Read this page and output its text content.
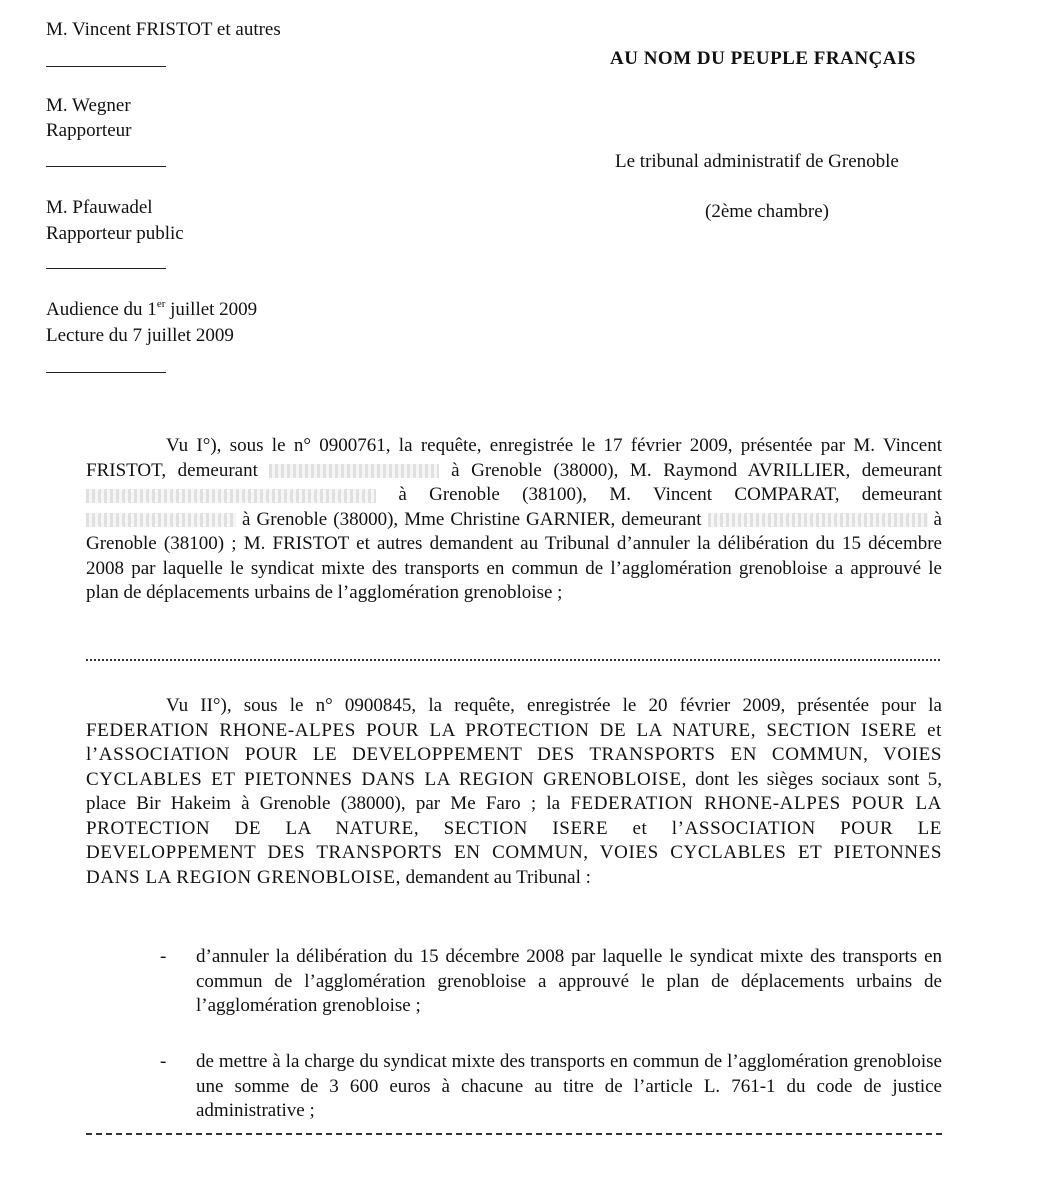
M. Vincent FRISTOT et autres
M. Wegner
Rapporteur
M. Pfauwadel
Rapporteur public
Audience du 1er juillet 2009
Lecture du 7 juillet 2009
AU NOM DU PEUPLE FRANÇAIS
Le tribunal administratif de Grenoble
(2ème chambre)

Vu I°), sous le n° 0900761, la requête, enregistrée le 17 février 2009, présentée par M. Vincent FRISTOT, demeurant	à Grenoble (38000), M. Raymond AVRILLIER, demeurant  à Grenoble (38100), M. Vincent COMPARAT, demeurant  à Grenoble (38000), Mme Christine GARNIER, demeurant	à Grenoble (38100) ; M. FRISTOT et autres demandent au Tribunal d’annuler la délibération du 15 décembre 2008 par laquelle le syndicat mixte des transports en commun de l’agglomération grenobloise a approuvé le plan de déplacements urbains de l’agglomération grenobloise ;

Vu II°), sous le n° 0900845, la requête, enregistrée le 20 février 2009, présentée pour la FEDERATION RHONE-ALPES POUR LA PROTECTION DE LA NATURE, SECTION ISERE et l’ASSOCIATION POUR LE DEVELOPPEMENT DES TRANSPORTS EN COMMUN, VOIES CYCLABLES ET PIETONNES DANS LA REGION GRENOBLOISE, dont les sièges sociaux sont 5, place Bir Hakeim à Grenoble (38000), par Me Faro ; la FEDERATION RHONE-ALPES POUR LA PROTECTION DE LA NATURE, SECTION ISERE et l’ASSOCIATION POUR LE DEVELOPPEMENT DES TRANSPORTS EN COMMUN, VOIES CYCLABLES ET PIETONNES DANS LA REGION GRENOBLOISE, demandent au Tribunal :

- d’annuler la délibération du 15 décembre 2008 par laquelle le syndicat mixte des transports en commun de l’agglomération grenobloise a approuvé le plan de déplacements urbains de l’agglomération grenobloise ;
- de mettre à la charge du syndicat mixte des transports en commun de l’agglomération grenobloise une somme de 3 600 euros à chacune au titre de l’article L. 761-1 du code de justice administrative ;
